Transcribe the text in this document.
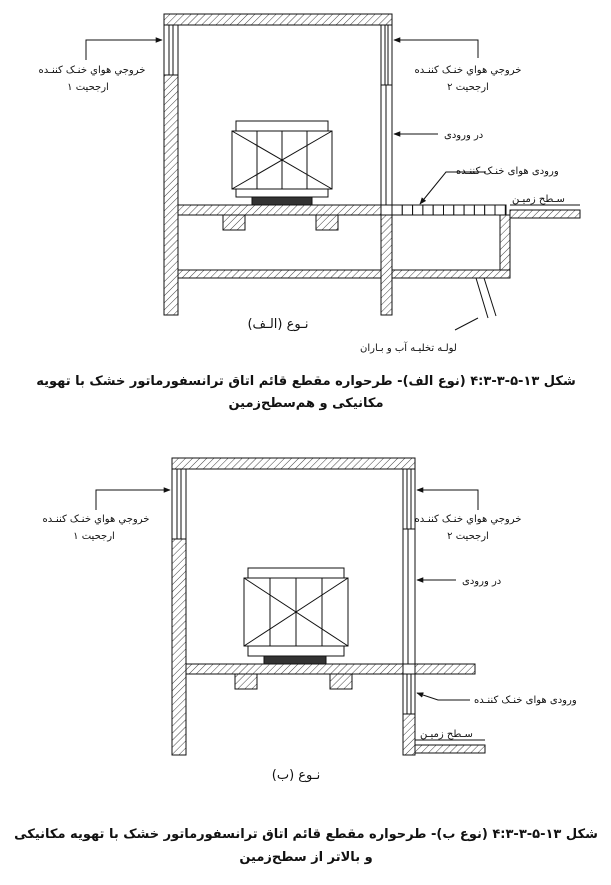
خروجي هواي خنـک کننـده
ارجحيت ۱
خروجي هواي خنـک کننـده
ارجحيت ۲
در ورودی
ورودی هوای خنـک کننـده
سـطح زميـن
لولـه تخليـه آب و بـاران
نـوع (الـف)
شکل ۱۳-۵-۳-۴:۳ (نوع الف)- طرحواره مقطع قائم اتاق ترانسفورماتور خشک با تهويه
مکانيکی و هم‌سطح‌زمين
خروجي هواي خنـک کننـده
ارجحيت ۱
خروجي هواي خنـک کننـده
ارجحيت ۲
در ورودی
ورودی هوای خنـک کننـده
سـطح زميـن
نـوع (ب)
شکل ۱۳-۵-۳-۴:۳ (نوع ب)- طرحواره مقطع قائم اتاق ترانسفورماتور خشک با تهويه مکانيکی
و بالاتر از سطح‌زمين
